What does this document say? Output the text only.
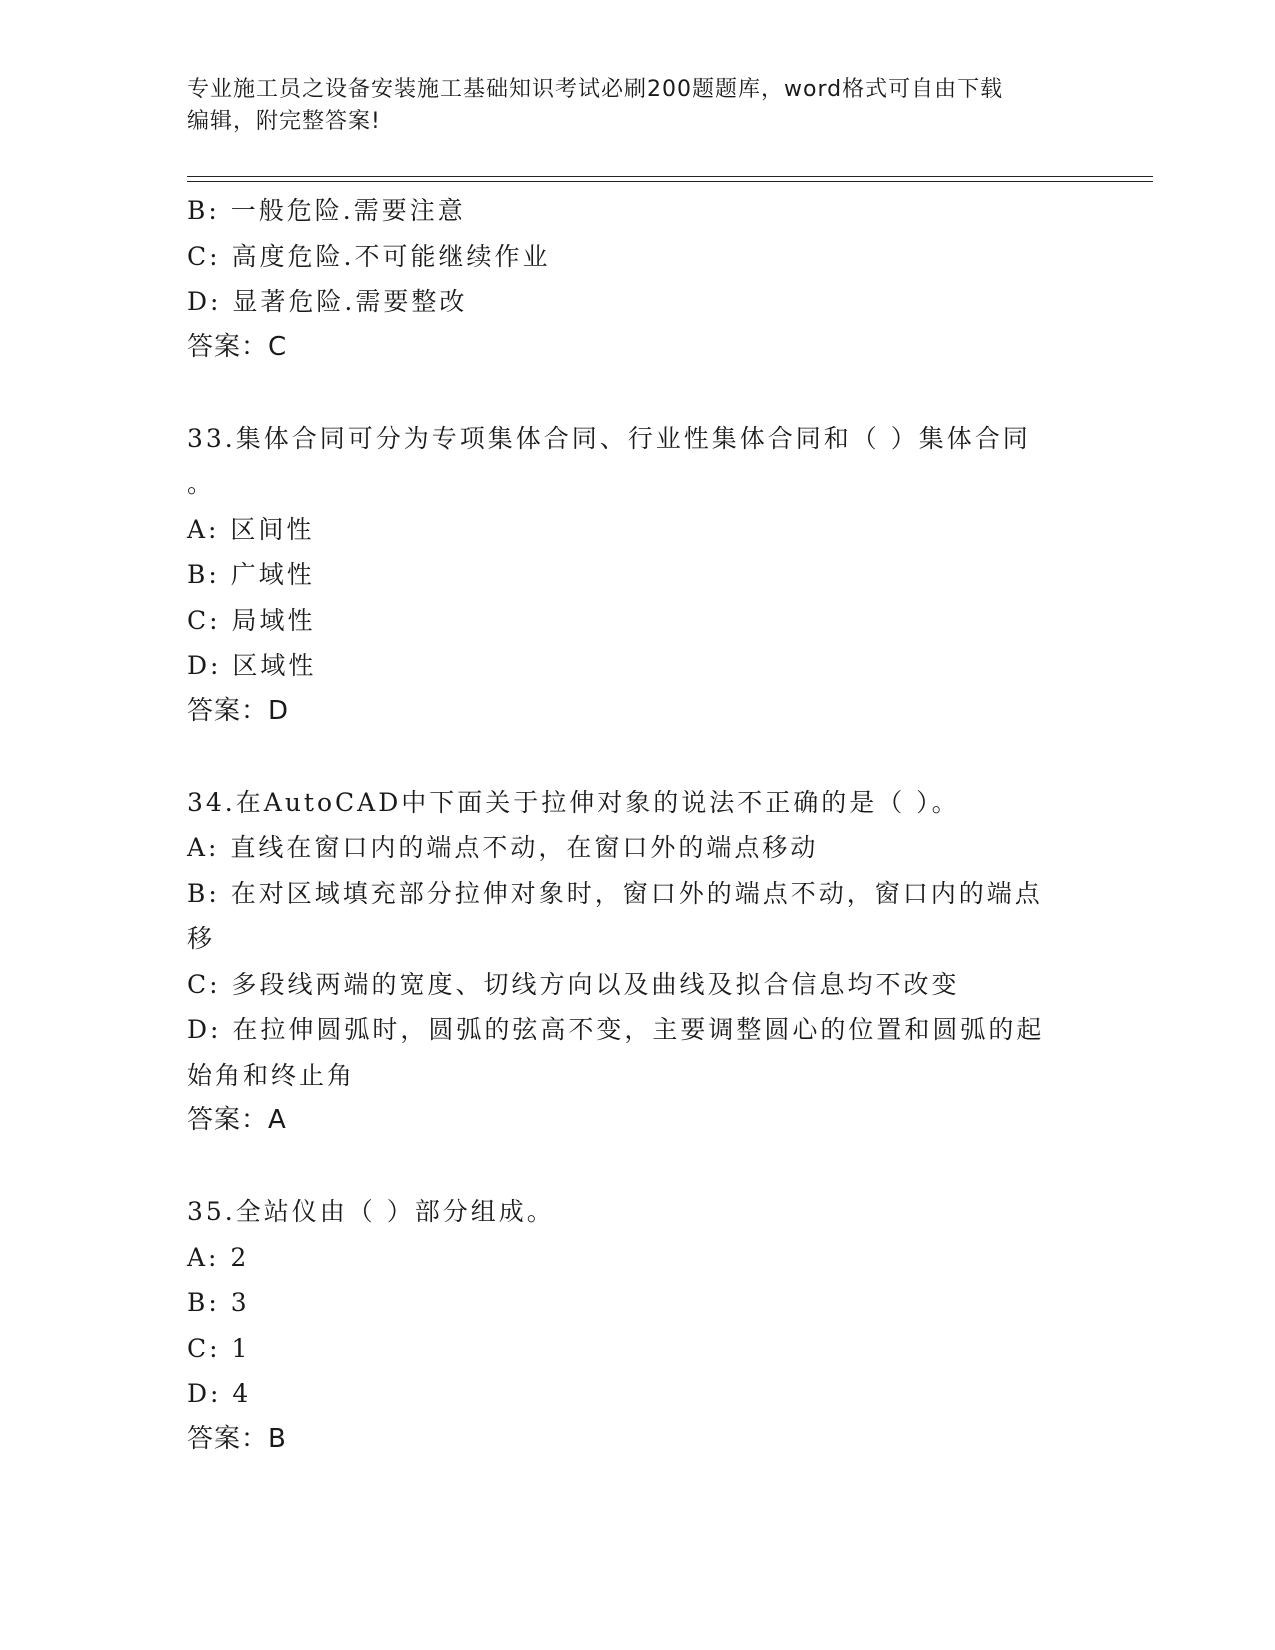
专业施工员之设备安装施工基础知识考试必刷200题题库，word格式可自由下载
编辑，附完整答案!
B: 一般危险.需要注意
C: 高度危险.不可能继续作业
D: 显著危险.需要整改
答案：C
33.集体合同可分为专项集体合同、行业性集体合同和（ ）集体合同
。
A: 区间性
B: 广域性
C: 局域性
D: 区域性
答案：D
34.在AutoCAD中下面关于拉伸对象的说法不正确的是（ ）。
A: 直线在窗口内的端点不动，在窗口外的端点移动
B: 在对区域填充部分拉伸对象时，窗口外的端点不动，窗口内的端点
移
C: 多段线两端的宽度、切线方向以及曲线及拟合信息均不改变
D: 在拉伸圆弧时，圆弧的弦高不变，主要调整圆心的位置和圆弧的起
始角和终止角
答案：A
35.全站仪由（ ）部分组成。
A: 2
B: 3
C: 1
D: 4
答案：B
